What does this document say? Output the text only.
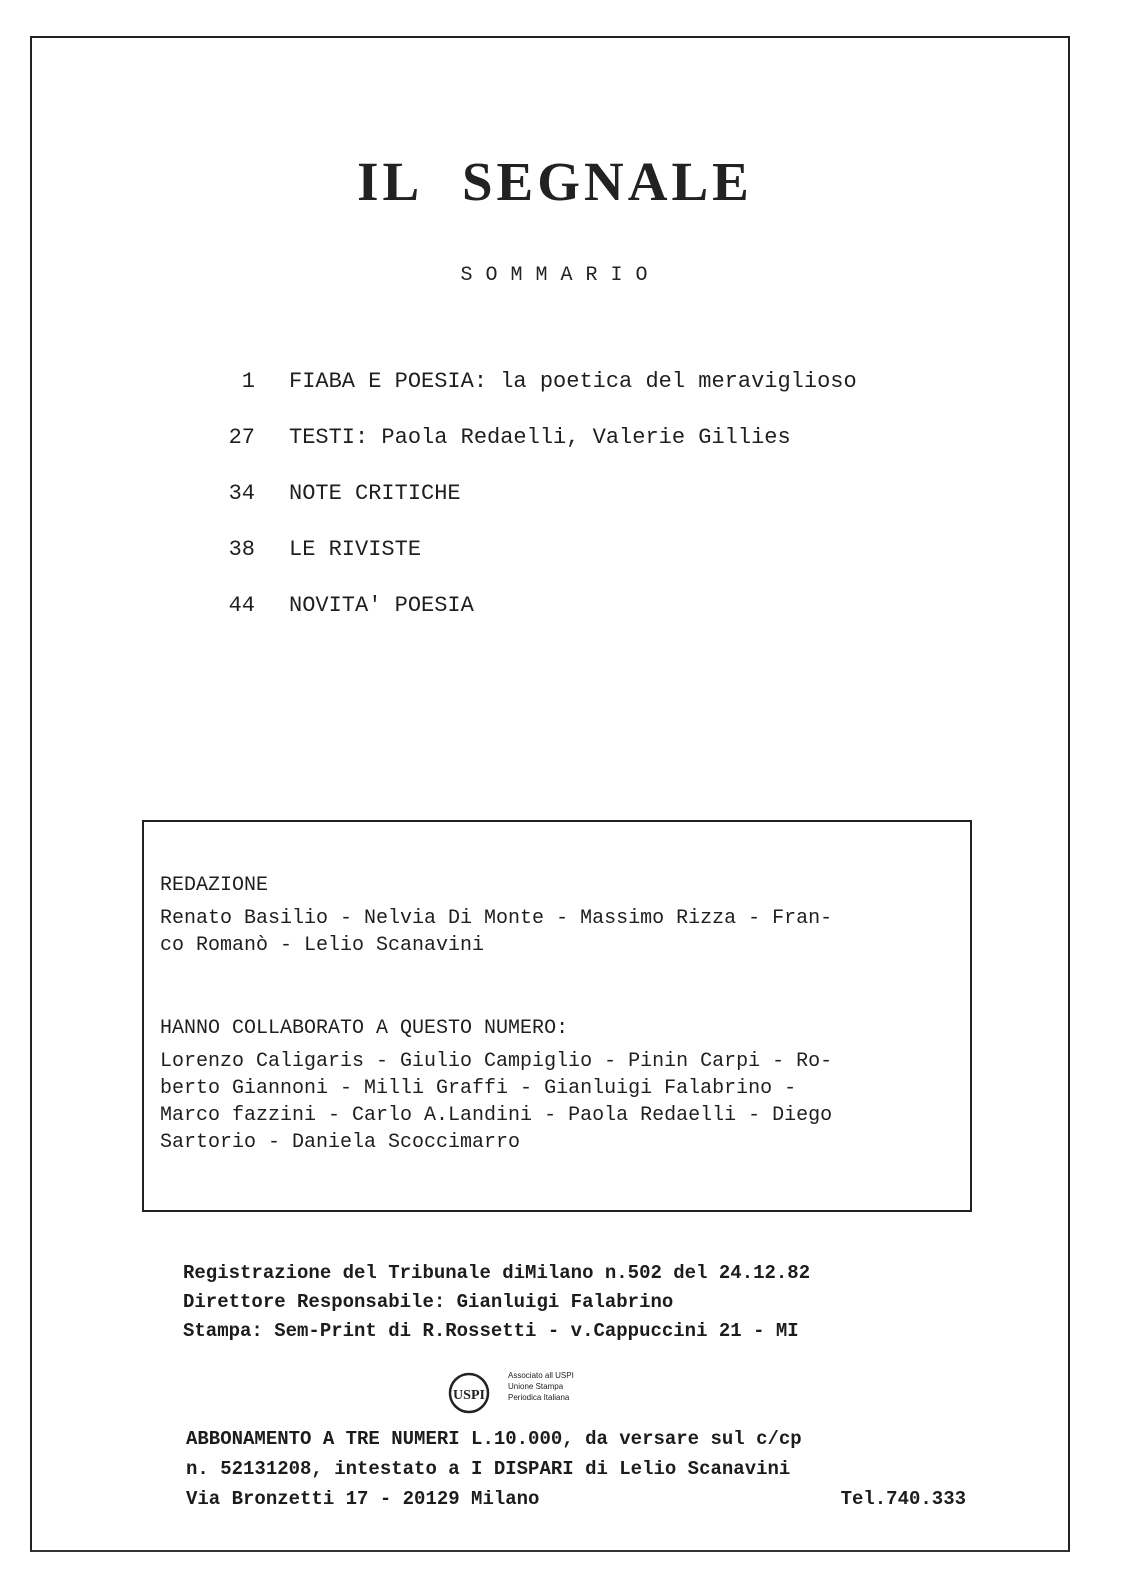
IL SEGNALE
SOMMARIO
1 FIABA E POESIA: la poetica del meraviglioso
27 TESTI: Paola Redaelli, Valerie Gillies
34 NOTE CRITICHE
38 LE RIVISTE
44 NOVITA' POESIA

REDAZIONE

Renato Basilio - Nelvia Di Monte - Massimo Rizza - Fran-
co Romanò - Lelio Scanavini

HANNO COLLABORATO A QUESTO NUMERO:

Lorenzo Caligaris - Giulio Campiglio - Pinin Carpi - Ro-
berto Giannoni - Milli Graffi - Gianluigi Falabrino -
Marco fazzini - Carlo A.Landini - Paola Redaelli - Diego
Sartorio - Daniela Scoccimarro
Registrazione del Tribunale diMilano n.502 del 24.12.82
Direttore Responsabile: Gianluigi Falabrino
Stampa: Sem-Print di R.Rossetti - v.Cappuccini 21 - MI
USPI
Associato all USPI
Unione Stampa
Periodica Italiana
ABBONAMENTO A TRE NUMERI L.10.000, da versare sul c/cp
n. 52131208, intestato a I DISPARI di Lelio Scanavini
Via Bronzetti 17 - 20129 Milano	Tel.740.333
